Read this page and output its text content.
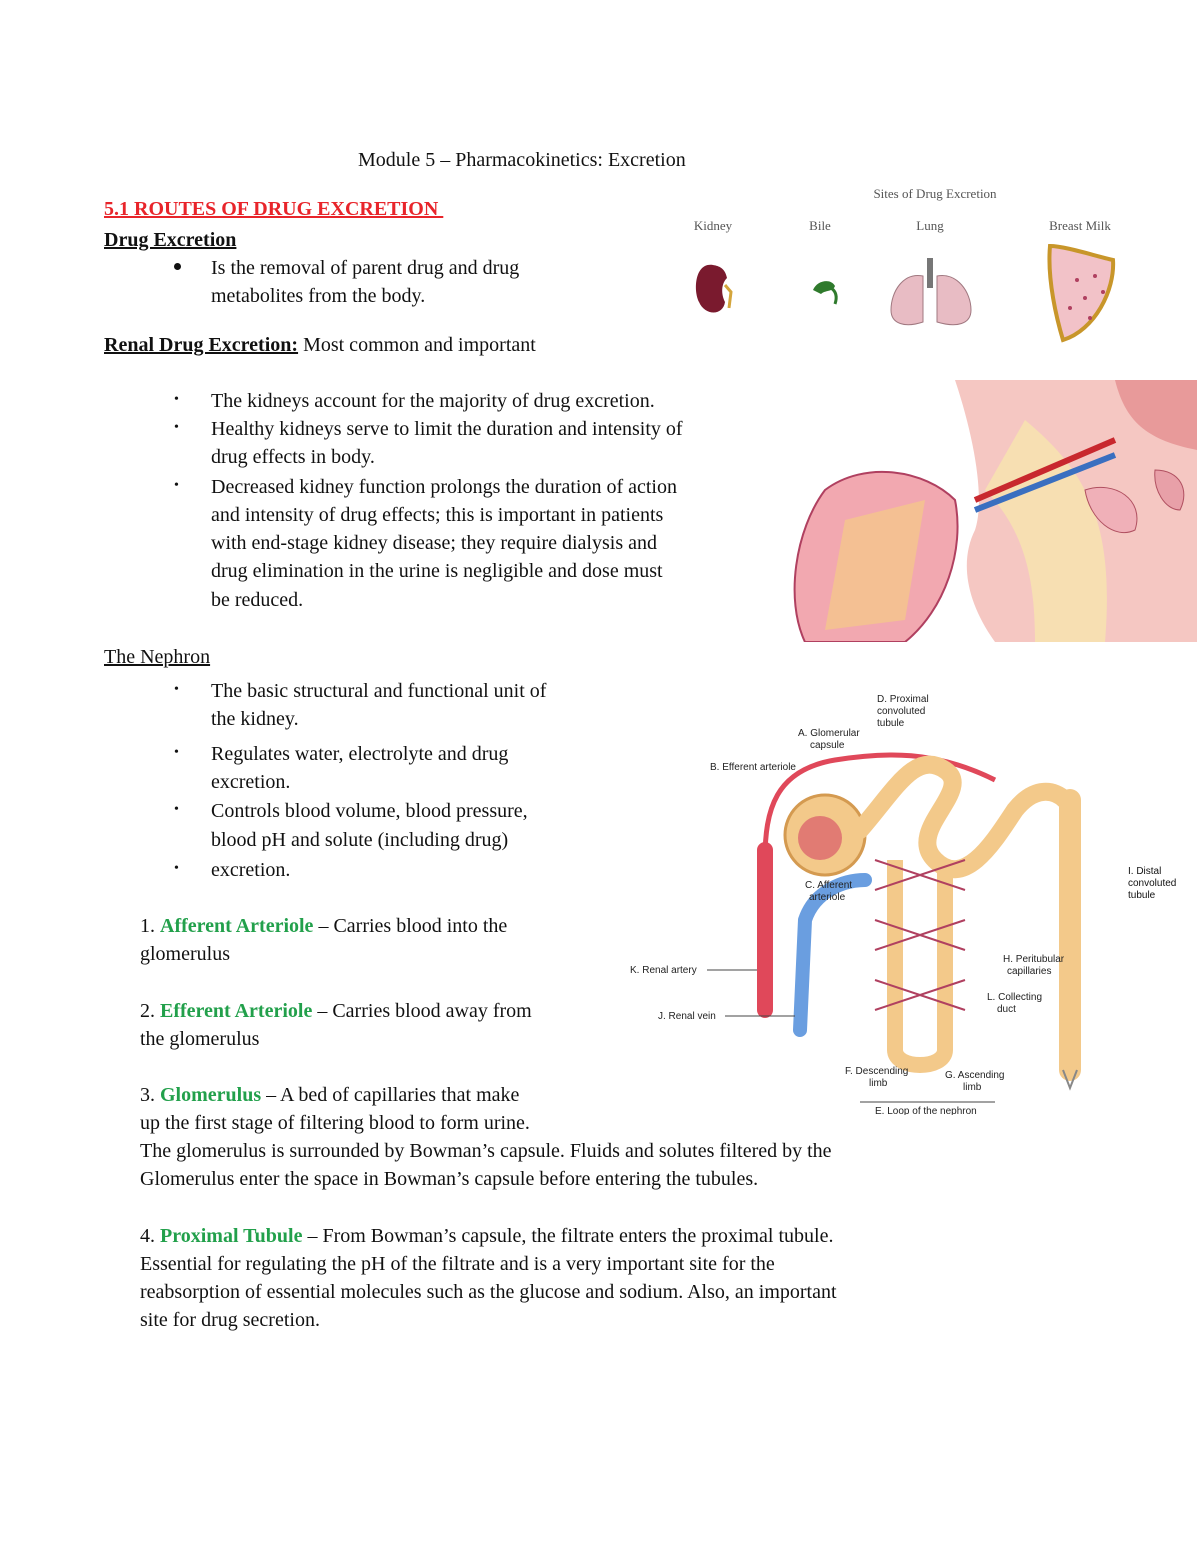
Module 5 – Pharmacokinetics: Excretion
5.1 ROUTES OF DRUG EXCRETION
Drug Excretion
Is the removal of parent drug and drug
metabolites from the body.
Renal Drug Excretion: Most common and important
• The kidneys account for the majority of drug excretion.
• Healthy kidneys serve to limit the duration and intensity of
drug effects in body.
• Decreased kidney function prolongs the duration of action
and intensity of drug effects; this is important in patients
with end-stage kidney disease; they require dialysis and
drug elimination in the urine is negligible and dose must
be reduced.
The Nephron
• The basic structural and functional unit of
the kidney.
• Regulates water, electrolyte and drug
excretion.
• Controls blood volume, blood pressure,
blood pH and solute (including drug)
• excretion.
1. Afferent Arteriole – Carries blood into the
glomerulus
2. Efferent Arteriole – Carries blood away from
the glomerulus
3. Glomerulus – A bed of capillaries that make
up the first stage of filtering blood to form urine.
The glomerulus is surrounded by Bowman’s capsule. Fluids and solutes filtered by the
Glomerulus enter the space in Bowman’s capsule before entering the tubules.
4. Proximal Tubule – From Bowman’s capsule, the filtrate enters the proximal tubule.
Essential for regulating the pH of the filtrate and is a very important site for the
reabsorption of essential molecules such as the glucose and sodium. Also, an important
site for drug secretion.
Sites of Drug Excretion
Kidney	Bile	Lung	Breast Milk
D. Proximal
convoluted
tubule
A. Glomerular
capsule
B. Efferent arteriole
C. Afferent
arteriole
K. Renal artery
J. Renal vein
H. Peritubular
capillaries
L. Collecting
duct
F. Descending
limb
G. Ascending
limb
E. Loop of the nephron
I. Distal
convoluted
tubule
